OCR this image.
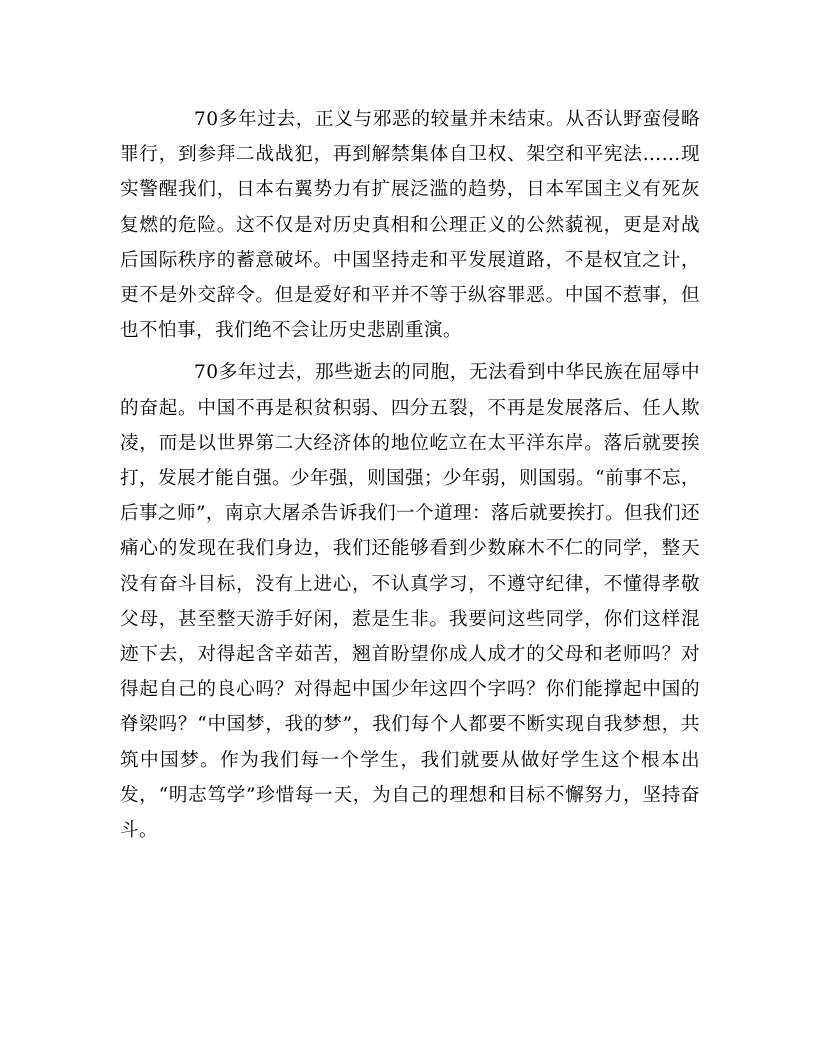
70多年过去，正义与邪恶的较量并未结束。从否认野蛮侵略罪行，到参拜二战战犯，再到解禁集体自卫权、架空和平宪法……现实警醒我们，日本右翼势力有扩展泛滥的趋势，日本军国主义有死灰复燃的危险。这不仅是对历史真相和公理正义的公然藐视，更是对战后国际秩序的蓄意破坏。中国坚持走和平发展道路，不是权宜之计，更不是外交辞令。但是爱好和平并不等于纵容罪恶。中国不惹事，但也不怕事，我们绝不会让历史悲剧重演。

70多年过去，那些逝去的同胞，无法看到中华民族在屈辱中的奋起。中国不再是积贫积弱、四分五裂，不再是发展落后、任人欺凌，而是以世界第二大经济体的地位屹立在太平洋东岸。落后就要挨打，发展才能自强。少年强，则国强；少年弱，则国弱。“前事不忘，后事之师”，南京大屠杀告诉我们一个道理：落后就要挨打。但我们还痛心的发现在我们身边，我们还能够看到少数麻木不仁的同学，整天没有奋斗目标，没有上进心，不认真学习，不遵守纪律，不懂得孝敬父母，甚至整天游手好闲，惹是生非。我要问这些同学，你们这样混迹下去，对得起含辛茹苦，翘首盼望你成人成才的父母和老师吗？对得起自己的良心吗？对得起中国少年这四个字吗？你们能撑起中国的脊梁吗？“中国梦，我的梦”，我们每个人都要不断实现自我梦想，共筑中国梦。作为我们每一个学生，我们就要从做好学生这个根本出发，“明志笃学”珍惜每一天，为自己的理想和目标不懈努力，坚持奋斗。
